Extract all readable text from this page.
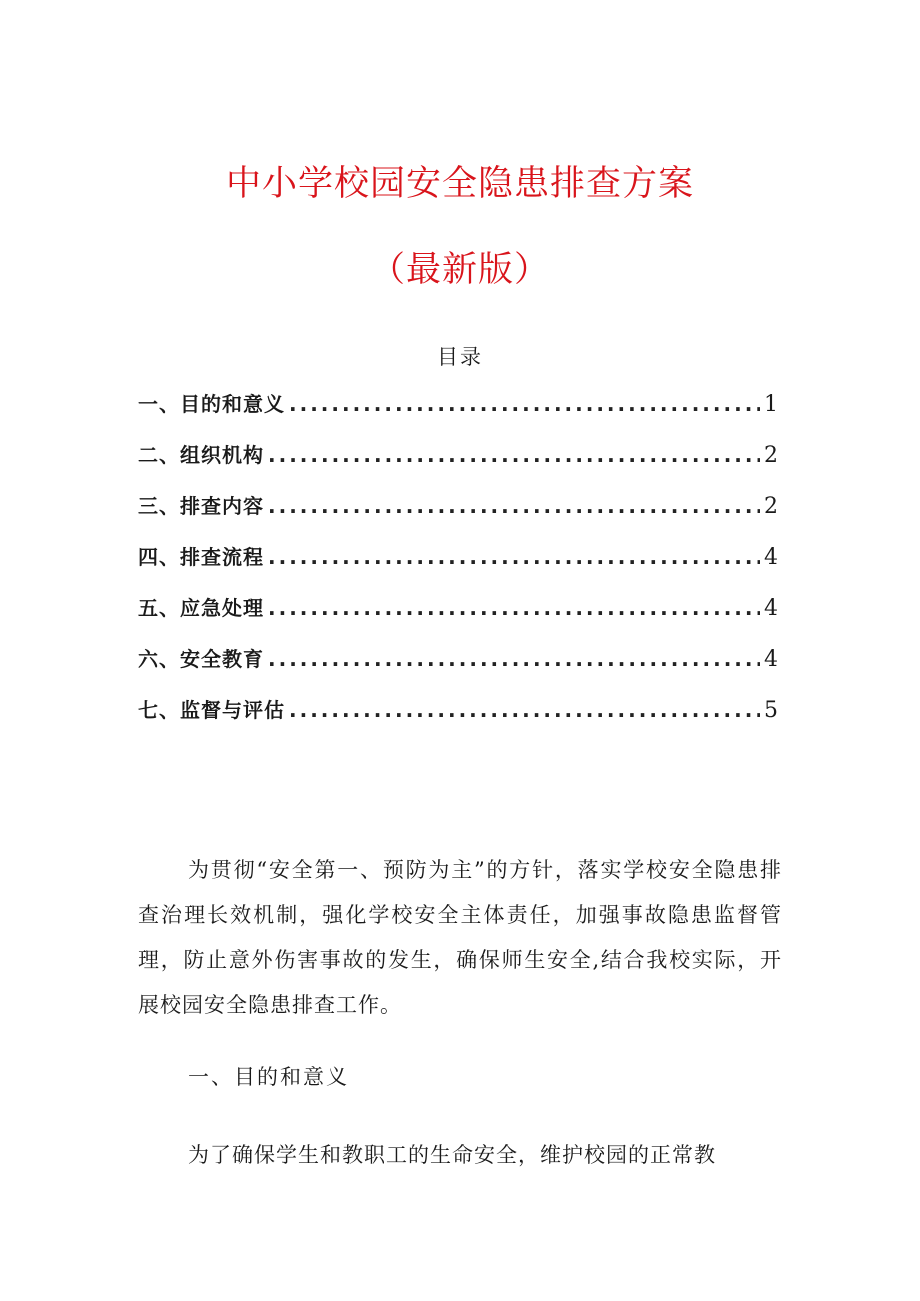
中小学校园安全隐患排查方案
（最新版）
目录
一、目的和意义 .....	1
二、组织机构 .....	2
三、排查内容 .....	2
四、排查流程 .....	4
五、应急处理 .....	4
六、安全教育 .....	4
七、监督与评估 .....	5

为贯彻“安全第一、预防为主”的方针，落实学校安全隐患排查治理长效机制，强化学校安全主体责任，加强事故隐患监督管理，防止意外伤害事故的发生，确保师生安全,结合我校实际，开展校园安全隐患排查工作。

一、目的和意义

为了确保学生和教职工的生命安全，维护校园的正常教
